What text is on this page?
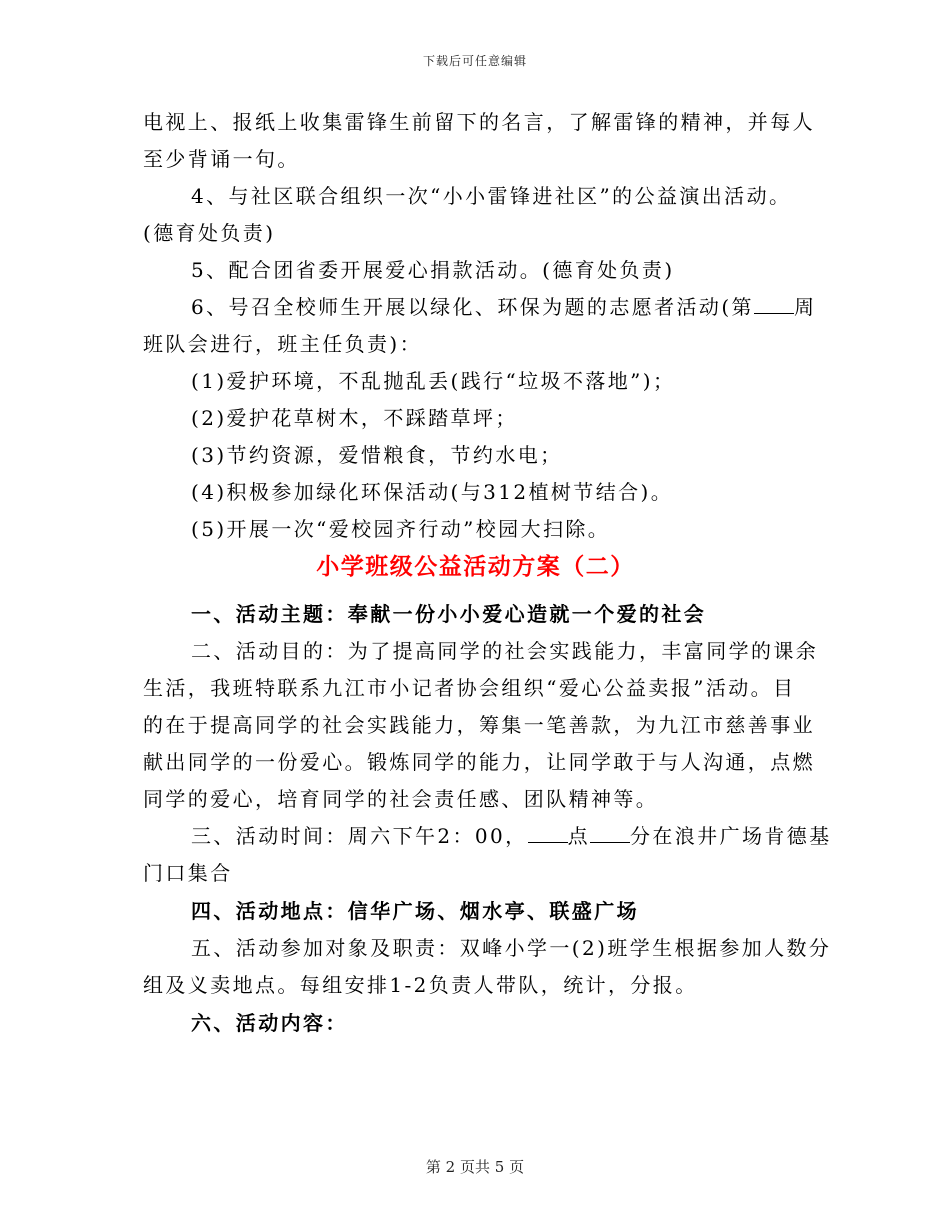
下载后可任意编辑

电视上、报纸上收集雷锋生前留下的名言，了解雷锋的精神，并每人

至少背诵一句。

4、与社区联合组织一次“小小雷锋进社区”的公益演出活动。

(德育处负责)

5、配合团省委开展爱心捐款活动。(德育处负责)

6、号召全校师生开展以绿化、环保为题的志愿者活动(第 周

班队会进行，班主任负责)：

(1)爱护环境，不乱抛乱丢(践行“垃圾不落地”)；

(2)爱护花草树木，不踩踏草坪；

(3)节约资源，爱惜粮食，节约水电；

(4)积极参加绿化环保活动(与312植树节结合)。

(5)开展一次“爱校园齐行动”校园大扫除。

小学班级公益活动方案（二）

一、活动主题：奉献一份小小爱心造就一个爱的社会

二、活动目的：为了提高同学的社会实践能力，丰富同学的课余

生活，我班特联系九江市小记者协会组织“爱心公益卖报”活动。目

的在于提高同学的社会实践能力，筹集一笔善款，为九江市慈善事业

献出同学的一份爱心。锻炼同学的能力，让同学敢于与人沟通，点燃

同学的爱心，培育同学的社会责任感、团队精神等。

三、活动时间：周六下午2：00， 点 分在浪井广场肯德基

门口集合

四、活动地点：信华广场、烟水亭、联盛广场

五、活动参加对象及职责：双峰小学一(2)班学生根据参加人数分

组及义卖地点。每组安排1-2负责人带队，统计，分报。

六、活动内容：

第 2 页共 5 页
